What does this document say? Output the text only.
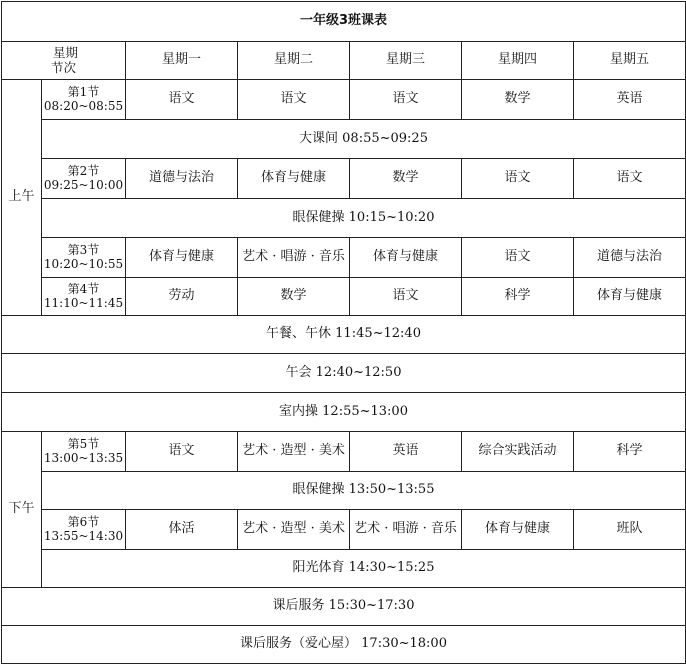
一年级3班课表						

星期
节次		星期一	星期二	星期三	星期四	星期五
上午	第1节
08:20~08:55	语文	语文	语文	数学	英语
	大课间 08:55~09:25					

	第2节
09:25~10:00	道德与法治	体育与健康	数学	语文	语文
	眼保健操 10:15~10:20					

	第3节
10:20~10:55	体育与健康	艺术 · 唱游 · 音乐	体育与健康	语文	道德与法治

	第4节
11:10~11:45	劳动	数学	语文	科学	体育与健康
午餐、午休 11:45~12:40						
午会 12:40~12:50						
室内操 12:55~13:00						
下午	第5节
13:00~13:35	语文	艺术 · 造型 · 美术	英语	综合实践活动	科学
	眼保健操 13:50~13:55					

	第6节
13:55~14:30	体活	艺术 · 造型 · 美术	艺术 · 唱游 · 音乐	体育与健康	班队
	阳光体育 14:30~15:25					
课后服务 15:30~17:30						
课后服务（爱心屋） 17:30~18:00						
